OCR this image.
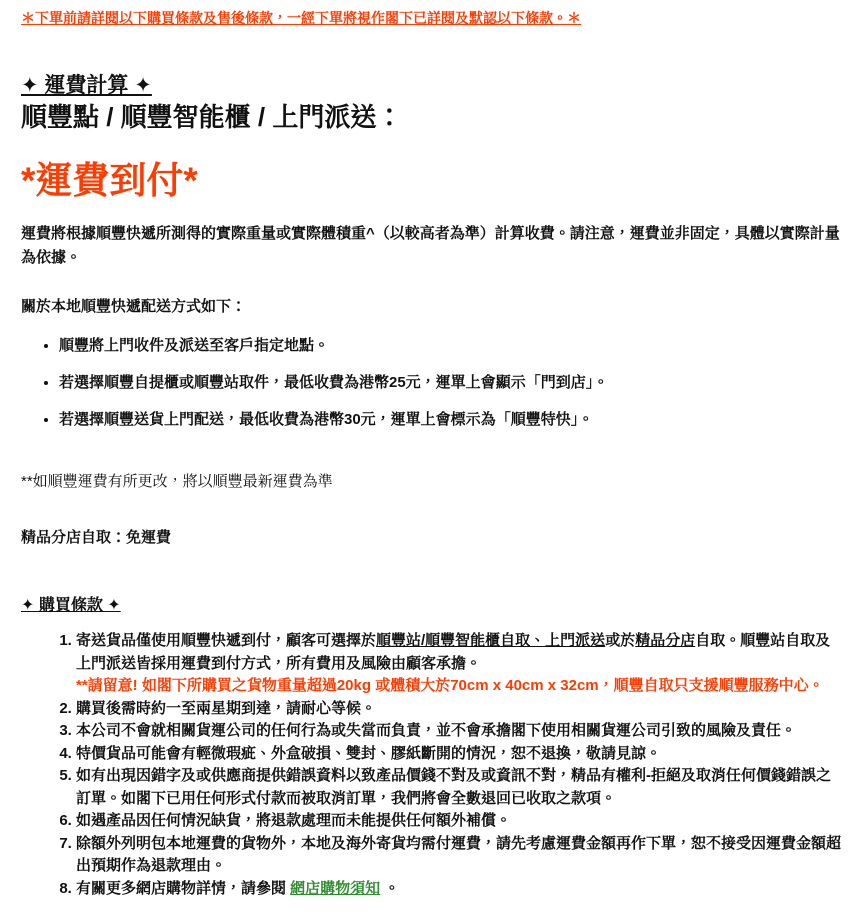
＊下單前請詳閱以下購買條款及售後條款，一經下單將視作閣下已詳閱及默認以下條款。＊
✦ 運費計算 ✦
順豐點 / 順豐智能櫃 / 上門派送：
*運費到付*

運費將根據順豐快遞所測得的實際重量或實際體積重^（以較高者為準）計算收費。請注意，運費並非固定，具體以實際計量為依據。

關於本地順豐快遞配送方式如下：
• 順豐將上門收件及派送至客戶指定地點。
• 若選擇順豐自提櫃或順豐站取件，最低收費為港幣25元，運單上會顯示「門到店」。
• 若選擇順豐送貨上門配送，最低收費為港幣30元，運單上會標示為「順豐特快」。
**如順豐運費有所更改，將以順豐最新運費為準
精品分店自取：免運費
✦ 購買條款 ✦
1. 寄送貨品僅使用順豐快遞到付，顧客可選擇於順豐站/順豐智能櫃自取、上門派送或於精品分店自取。順豐站自取及上門派送皆採用運費到付方式，所有費用及風險由顧客承擔。
**請留意! 如閣下所購買之貨物重量超過20kg 或體積大於70cm x 40cm x 32cm，順豐自取只支援順豐服務中心。
2. 購買後需時約一至兩星期到達，請耐心等候。
3. 本公司不會就相關貨運公司的任何行為或失當而負責，並不會承擔閣下使用相關貨運公司引致的風險及責任。
4. 特價貨品可能會有輕微瑕疵、外盒破損、雙封、膠紙斷開的情況，恕不退換，敬請見諒。
5. 如有出現因錯字及或供應商提供錯誤資料以致產品價錢不對及或資訊不對，精品有權利-拒絕及取消任何價錢錯誤之訂單。如閣下已用任何形式付款而被取消訂單，我們將會全數退回已收取之款項。
6. 如遇產品因任何情況缺貨，將退款處理而未能提供任何額外補償。
7. 除額外列明包本地運費的貨物外，本地及海外寄貨均需付運費，請先考慮運費金額再作下單，恕不接受因運費金額超出預期作為退款理由。
8. 有關更多網店購物詳情，請參閱 網店購物須知 。
